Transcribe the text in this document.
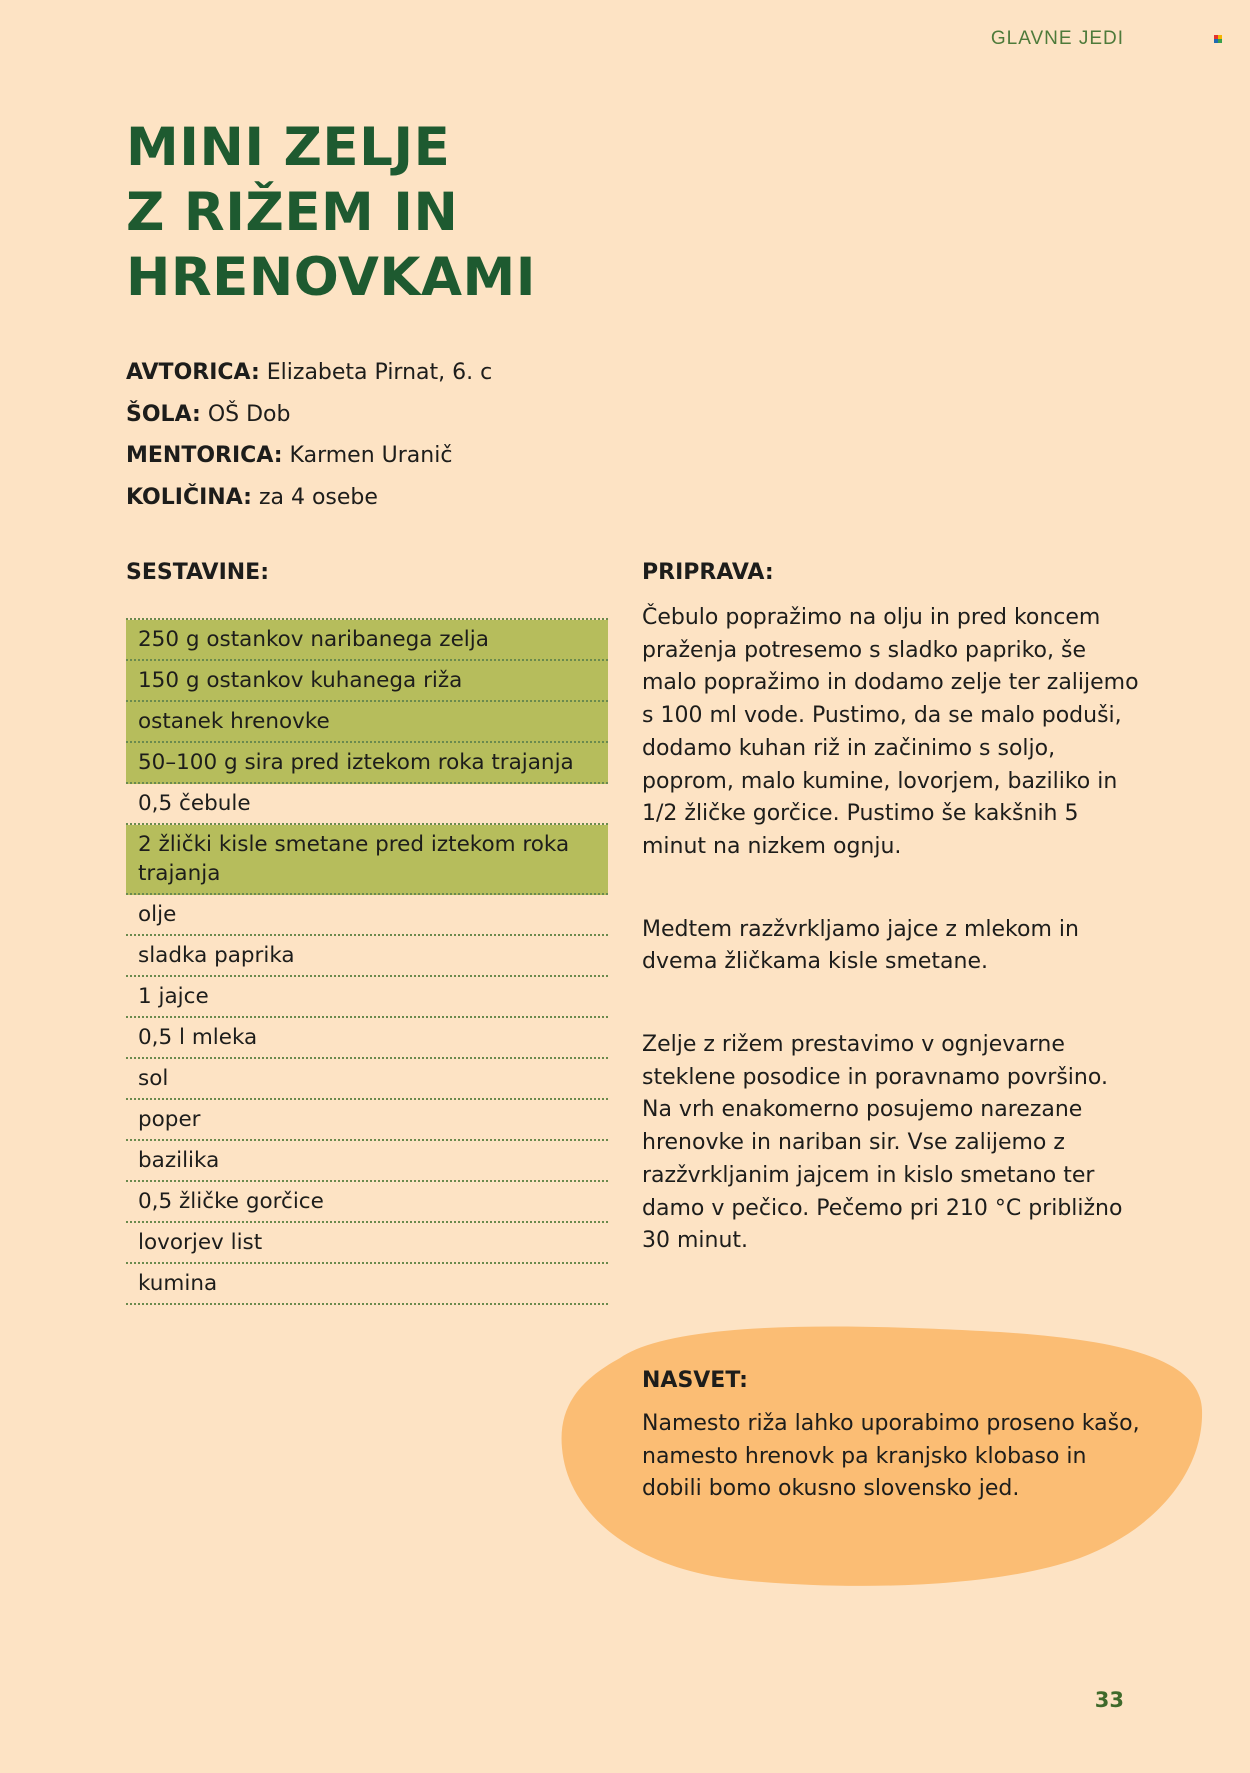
GLAVNE JEDI
MINI ZELJE
Z RIŽEM IN
HRENOVKAMI
AVTORICA: Elizabeta Pirnat, 6. c
ŠOLA: OŠ Dob
MENTORICA: Karmen Uranič
KOLIČINA: za 4 osebe
SESTAVINE:	PRIPRAVA:
250 g ostankov naribanega zelja
150 g ostankov kuhanega riža
ostanek hrenovke
50–100 g sira pred iztekom roka trajanja
0,5 čebule
2 žlički kisle smetane pred iztekom roka trajanja
olje
sladka paprika
1 jajce
0,5 l mleka
sol
poper
bazilika
0,5 žličke gorčice
lovorjev list
kumina

Čebulo popražimo na olju in pred koncem praženja potresemo s sladko papriko, še malo popražimo in dodamo zelje ter zalijemo s 100 ml vode. Pustimo, da se malo poduši, dodamo kuhan riž in začinimo s soljo, poprom, malo kumine, lovorjem, baziliko in 1/2 žličke gorčice. Pustimo še kakšnih 5 minut na nizkem ognju.

Medtem razžvrkljamo jajce z mlekom in dvema žličkama kisle smetane.

Zelje z rižem prestavimo v ognjevarne steklene posodice in poravnamo površino. Na vrh enakomerno posujemo narezane hrenovke in nariban sir. Vse zalijemo z razžvrkljanim jajcem in kislo smetano ter damo v pečico. Pečemo pri 210 °C približno 30 minut.

NASVET:
Namesto riža lahko uporabimo proseno kašo, namesto hrenovk pa kranjsko klobaso in dobili bomo okusno slovensko jed.
33
